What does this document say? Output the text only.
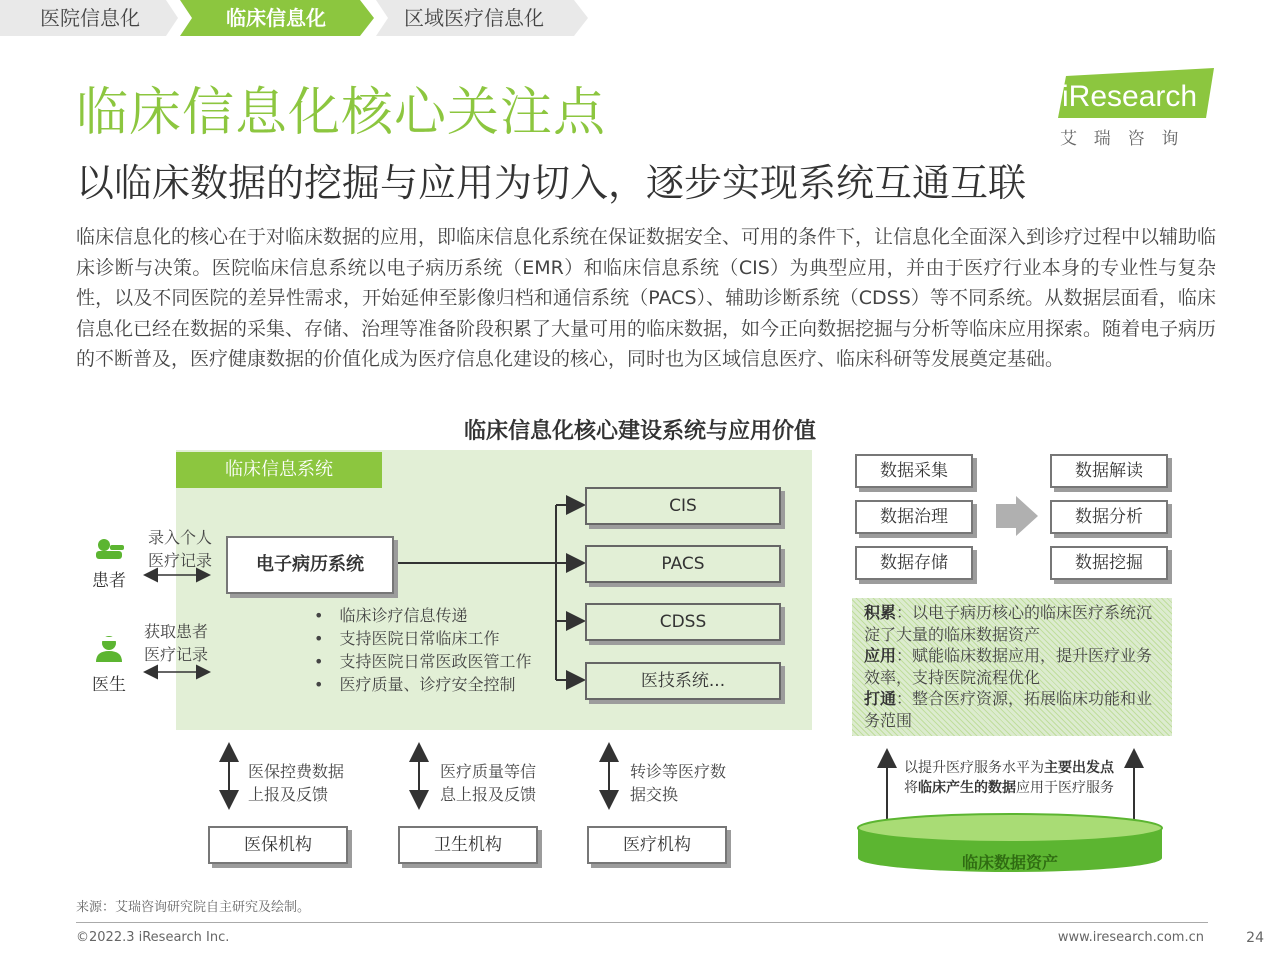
医院信息化	临床信息化	区域医疗信息化
iResearch
艾  瑞  咨  询
临床信息化核心关注点
以临床数据的挖掘与应用为切入，逐步实现系统互通互联
临床信息化的核心在于对临床数据的应用，即临床信息化系统在保证数据安全、可用的条件下，让信息化全面深入到诊疗过程中以辅助临床诊断与决策。医院临床信息系统以电子病历系统（EMR）和临床信息系统（CIS）为典型应用，并由于医疗行业本身的专业性与复杂性，以及不同医院的差异性需求，开始延伸至影像归档和通信系统（PACS）、辅助诊断系统（CDSS）等不同系统。从数据层面看，临床信息化已经在数据的采集、存储、治理等准备阶段积累了大量可用的临床数据，如今正向数据挖掘与分析等临床应用探索。随着电子病历的不断普及，医疗健康数据的价值化成为医疗信息化建设的核心，同时也为区域信息医疗、临床科研等发展奠定基础。
临床信息化核心建设系统与应用价值
临床信息系统
患者
录入个人
医疗记录
医生
获取患者
医疗记录
电子病历系统
CIS
PACS
CDSS
医技系统...
• 临床诊疗信息传递
• 支持医院日常临床工作
• 支持医院日常医政医管工作
• 医疗质量、诊疗安全控制
医保控费数据
上报及反馈
医疗质量等信
息上报及反馈
转诊等医疗数
据交换
医保机构	卫生机构	医疗机构
数据采集
数据治理
数据存储
数据解读
数据分析
数据挖掘
积累：以电子病历核心的临床医疗系统沉淀了大量的临床数据资产
应用：赋能临床数据应用，提升医疗业务效率，支持医院流程优化
打通：整合医疗资源，拓展临床功能和业务范围
以提升医疗服务水平为主要出发点
将临床产生的数据应用于医疗服务
临床数据资产
来源：艾瑞咨询研究院自主研究及绘制。
©2022.3 iResearch Inc.	www.iresearch.com.cn	24
